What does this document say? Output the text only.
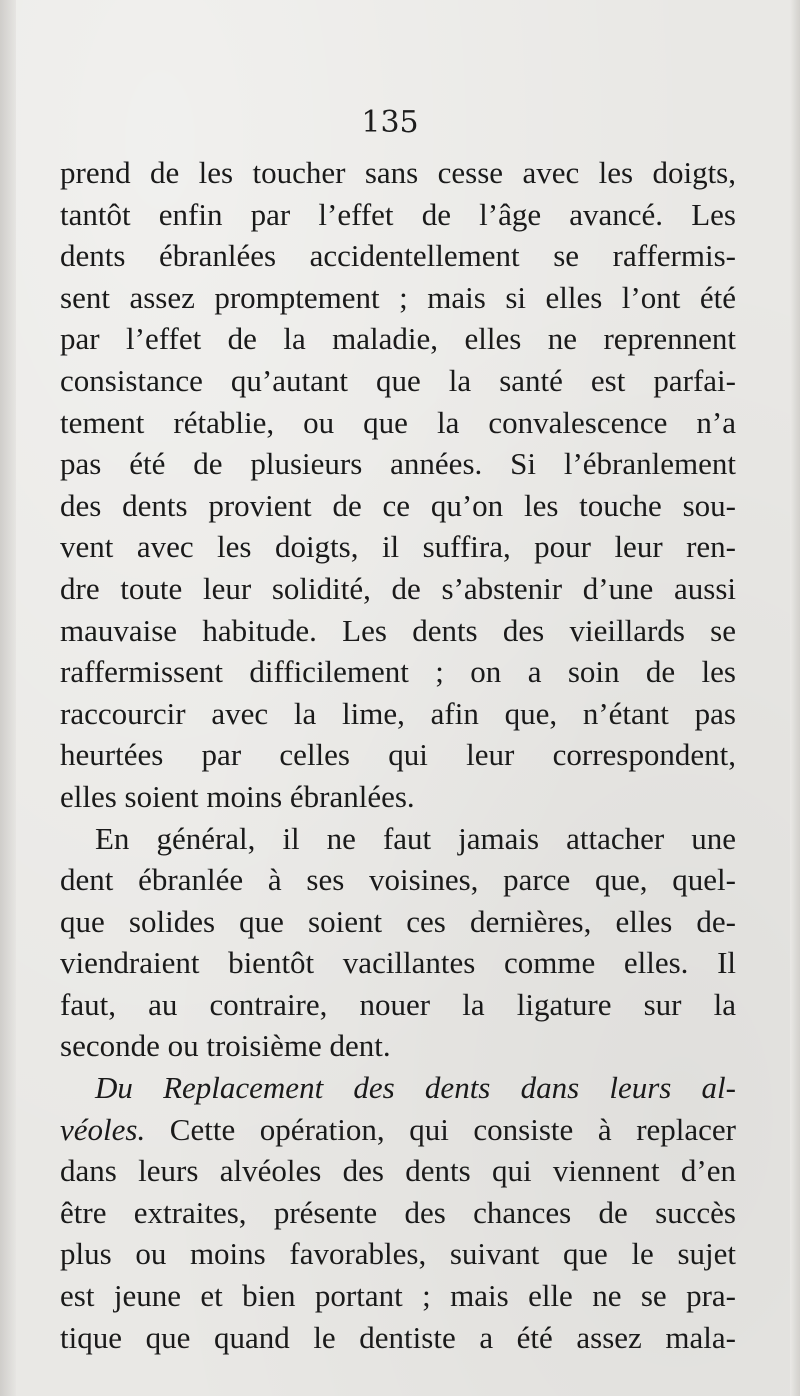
135
prend de les toucher sans cesse avec les doigts,
tantôt enfin par l’effet de l’âge avancé. Les
dents ébranlées accidentellement se raffermis-
sent assez promptement ; mais si elles l’ont été
par l’effet de la maladie, elles ne reprennent
consistance qu’autant que la santé est parfai-
tement rétablie, ou que la convalescence n’a
pas été de plusieurs années. Si l’ébranlement
des dents provient de ce qu’on les touche sou-
vent avec les doigts, il suffira, pour leur ren-
dre toute leur solidité, de s’abstenir d’une aussi
mauvaise habitude. Les dents des vieillards se
raffermissent difficilement ; on a soin de les
raccourcir avec la lime, afin que, n’étant pas
heurtées par celles qui leur correspondent,
elles soient moins ébranlées.
En général, il ne faut jamais attacher une
dent ébranlée à ses voisines, parce que, quel-
que solides que soient ces dernières, elles de-
viendraient bientôt vacillantes comme elles. Il
faut, au contraire, nouer la ligature sur la
seconde ou troisième dent.
Du Replacement des dents dans leurs al-
véoles. Cette opération, qui consiste à replacer
dans leurs alvéoles des dents qui viennent d’en
être extraites, présente des chances de succès
plus ou moins favorables, suivant que le sujet
est jeune et bien portant ; mais elle ne se pra-
tique que quand le dentiste a été assez mala-
